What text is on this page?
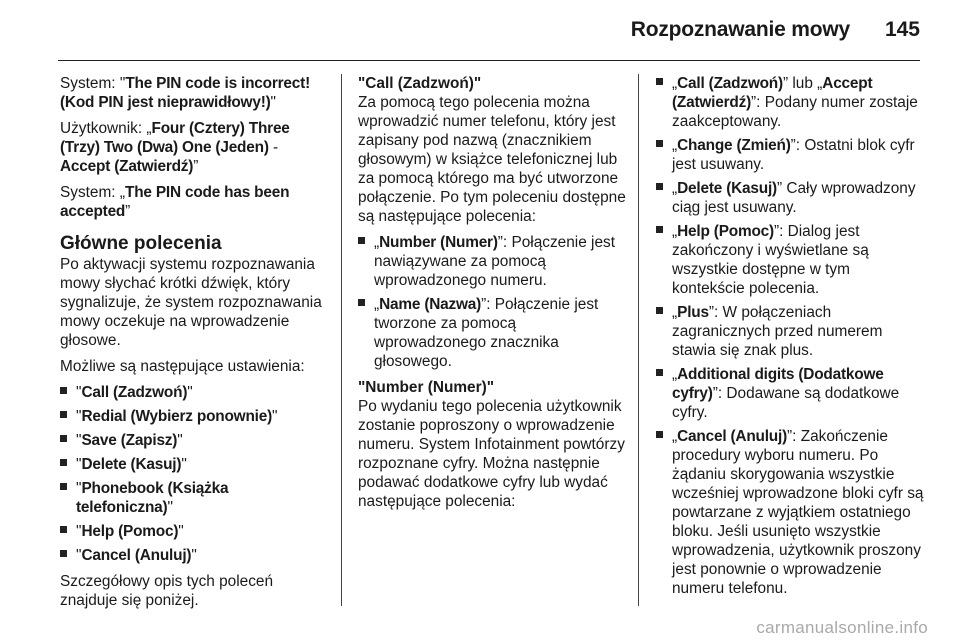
Rozpoznawanie mowy 145

System: "The PIN code is incorrect! (Kod PIN jest nieprawidłowy!)"

Użytkownik: „Four (Cztery) Three (Trzy) Two (Dwa) One (Jeden) - Accept (Zatwierdź)”

System: „The PIN code has been accepted”

Główne polecenia

Po aktywacji systemu rozpoznawania mowy słychać krótki dźwięk, który sygnalizuje, że system rozpoznawania mowy oczekuje na wprowadzenie głosowe.

Możliwe są następujące ustawienia:

"Call (Zadzwoń)"
"Redial (Wybierz ponownie)"
"Save (Zapisz)"
"Delete (Kasuj)"
"Phonebook (Książka telefoniczna)"
"Help (Pomoc)"
"Cancel (Anuluj)"

Szczegółowy opis tych poleceń znajduje się poniżej.

"Call (Zadzwoń)"

Za pomocą tego polecenia można wprowadzić numer telefonu, który jest zapisany pod nazwą (znacznikiem głosowym) w książce telefonicznej lub za pomocą którego ma być utworzone połączenie. Po tym poleceniu dostępne są następujące polecenia:

„Number (Numer)”: Połączenie jest nawiązywane za pomocą wprowadzonego numeru.
„Name (Nazwa)”: Połączenie jest tworzone za pomocą wprowadzonego znacznika głosowego.
"Number (Numer)"

Po wydaniu tego polecenia użytkownik zostanie poproszony o wprowadzenie numeru. System Infotainment powtórzy rozpoznane cyfry. Można następnie podawać dodatkowe cyfry lub wydać następujące polecenia:

„Call (Zadzwoń)” lub „Accept (Zatwierdź)”: Podany numer zostaje zaakceptowany.
„Change (Zmień)”: Ostatni blok cyfr jest usuwany.
„Delete (Kasuj)” Cały wprowadzony ciąg jest usuwany.
„Help (Pomoc)”: Dialog jest zakończony i wyświetlane są wszystkie dostępne w tym kontekście polecenia.
„Plus”: W połączeniach zagranicznych przed numerem stawia się znak plus.
„Additional digits (Dodatkowe cyfry)”: Dodawane są dodatkowe cyfry.
„Cancel (Anuluj)”: Zakończenie procedury wyboru numeru. Po żądaniu skorygowania wszystkie wcześniej wprowadzone bloki cyfr są powtarzane z wyjątkiem ostatniego bloku. Jeśli usunięto wszystkie wprowadzenia, użytkownik proszony jest ponownie o wprowadzenie numeru telefonu.
carmanualsonline.info
